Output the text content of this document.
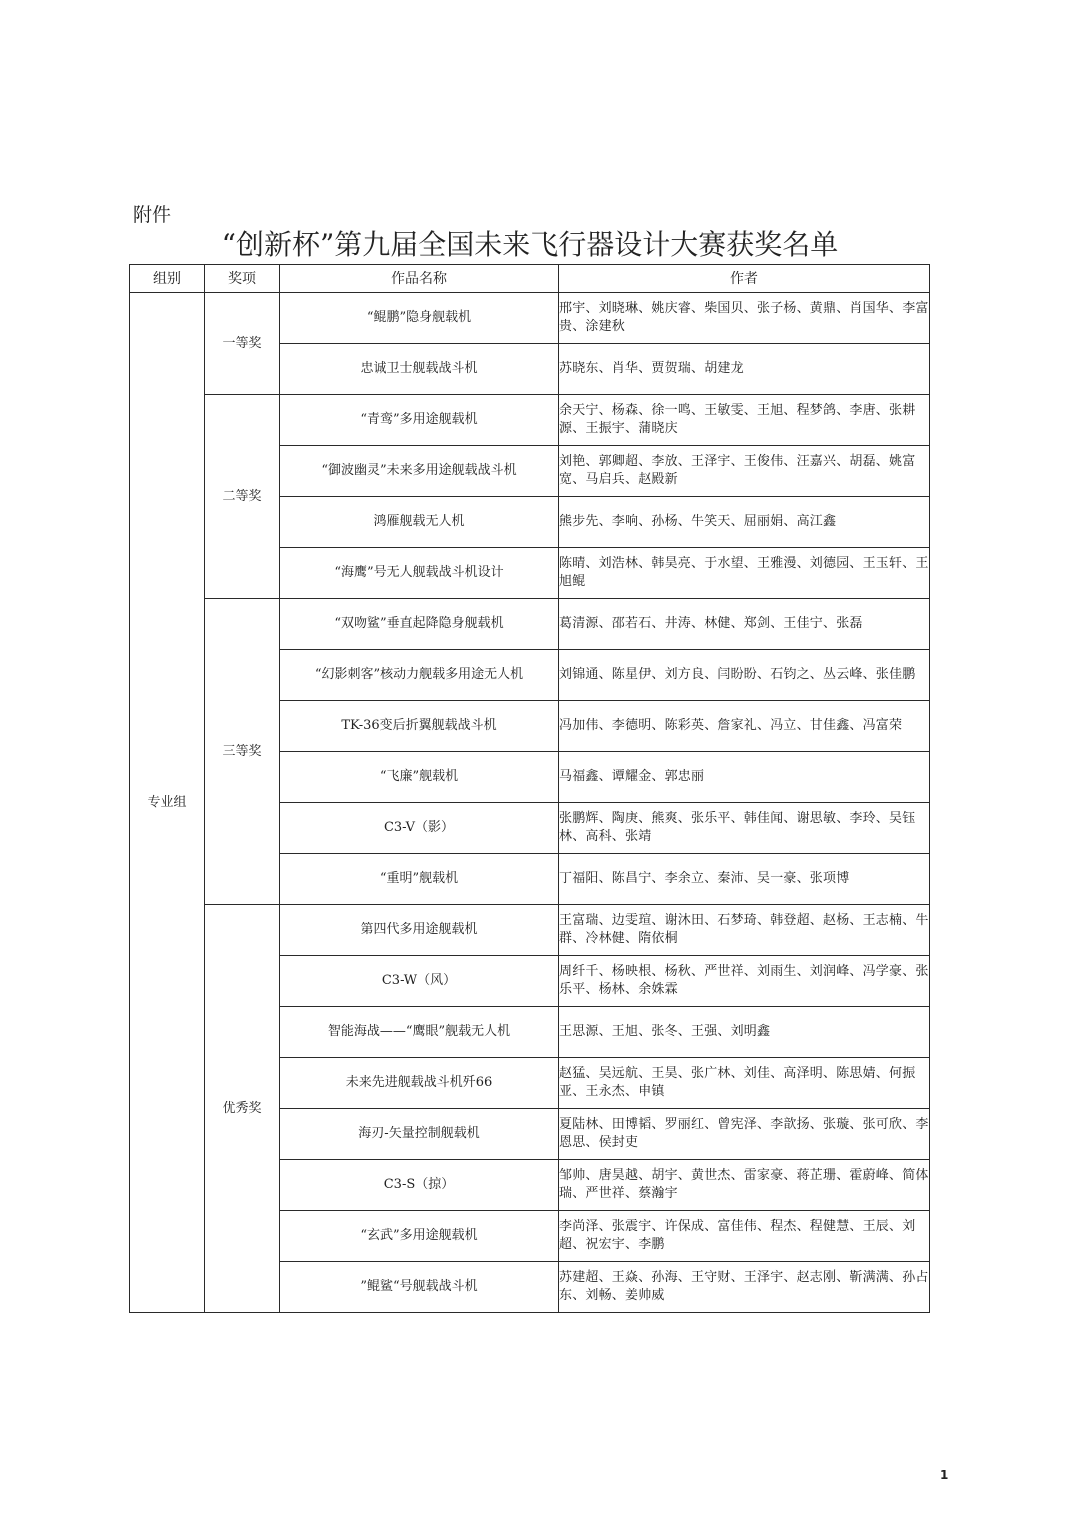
附件
“创新杯”第九届全国未来飞行器设计大赛获奖名单
组别	奖项	作品名称	作者
专业组	一等奖	“鲲鹏”隐身舰载机	邢宇、刘晓琳、姚庆睿、柴国贝、张子杨、黄鼎、肖国华、李富贵、涂建秋
		忠诚卫士舰载战斗机	苏晓东、肖华、贾贺瑞、胡建龙
	二等奖	“青鸾”多用途舰载机	余天宁、杨森、徐一鸣、王敏雯、王旭、程梦鸽、李唐、张耕源、王振宇、蒲晓庆
		“御波幽灵”未来多用途舰载战斗机	刘艳、郭卿超、李放、王泽宇、王俊伟、汪嘉兴、胡磊、姚富宽、马启兵、赵殿新
		鸿雁舰载无人机	熊步先、李响、孙杨、牛笑天、屈丽娟、高江鑫
		“海鹰”号无人舰载战斗机设计	陈晴、刘浩林、韩昊亮、于水望、王雅漫、刘德园、王玉轩、王旭鲲
	三等奖	“双吻鲨”垂直起降隐身舰载机	葛清源、邵若石、井涛、林健、郑剑、王佳宁、张磊
		“幻影刺客”核动力舰载多用途无人机	刘锦通、陈星伊、刘方良、闫盼盼、石钧之、丛云峰、张佳鹏
		TK-36变后折翼舰载战斗机	冯加伟、李德明、陈彩英、詹家礼、冯立、甘佳鑫、冯富荣
		“飞廉”舰载机	马福鑫、谭耀金、郭忠丽
		C3-V（影）	张鹏辉、陶庚、熊爽、张乐平、韩佳闻、谢思敏、李玲、吴钰林、高科、张靖
		“重明”舰载机	丁福阳、陈昌宁、李余立、秦沛、吴一豪、张项博
	优秀奖	第四代多用途舰载机	王富瑞、边雯瑄、谢沐田、石梦琦、韩登超、赵杨、王志楠、牛群、冷林健、隋依桐
		C3-W（风）	周纤千、杨映根、杨秋、严世祥、刘雨生、刘润峰、冯学豪、张乐平、杨林、余姝霖
		智能海战——“鹰眼”舰载无人机	王思源、王旭、张冬、王强、刘明鑫
		未来先进舰载战斗机歼66	赵猛、吴远航、王昊、张广林、刘佳、高泽明、陈思婧、何振亚、王永杰、申镇
		海刃-矢量控制舰载机	夏陆林、田博韬、罗丽红、曾宪泽、李歆扬、张璇、张可欣、李恩思、侯封吏
		C3-S（掠）	邹帅、唐昊越、胡宇、黄世杰、雷家豪、蒋芷珊、霍蔚峰、简体瑞、严世祥、蔡瀚宇
		“玄武”多用途舰载机	李尚泽、张震宇、许保成、富佳伟、程杰、程健慧、王辰、刘超、祝宏宇、李鹏
		”鲲鲨“号舰载战斗机	苏建超、王焱、孙海、王守财、王泽宇、赵志刚、靳满满、孙占东、刘畅、姜帅威
1
